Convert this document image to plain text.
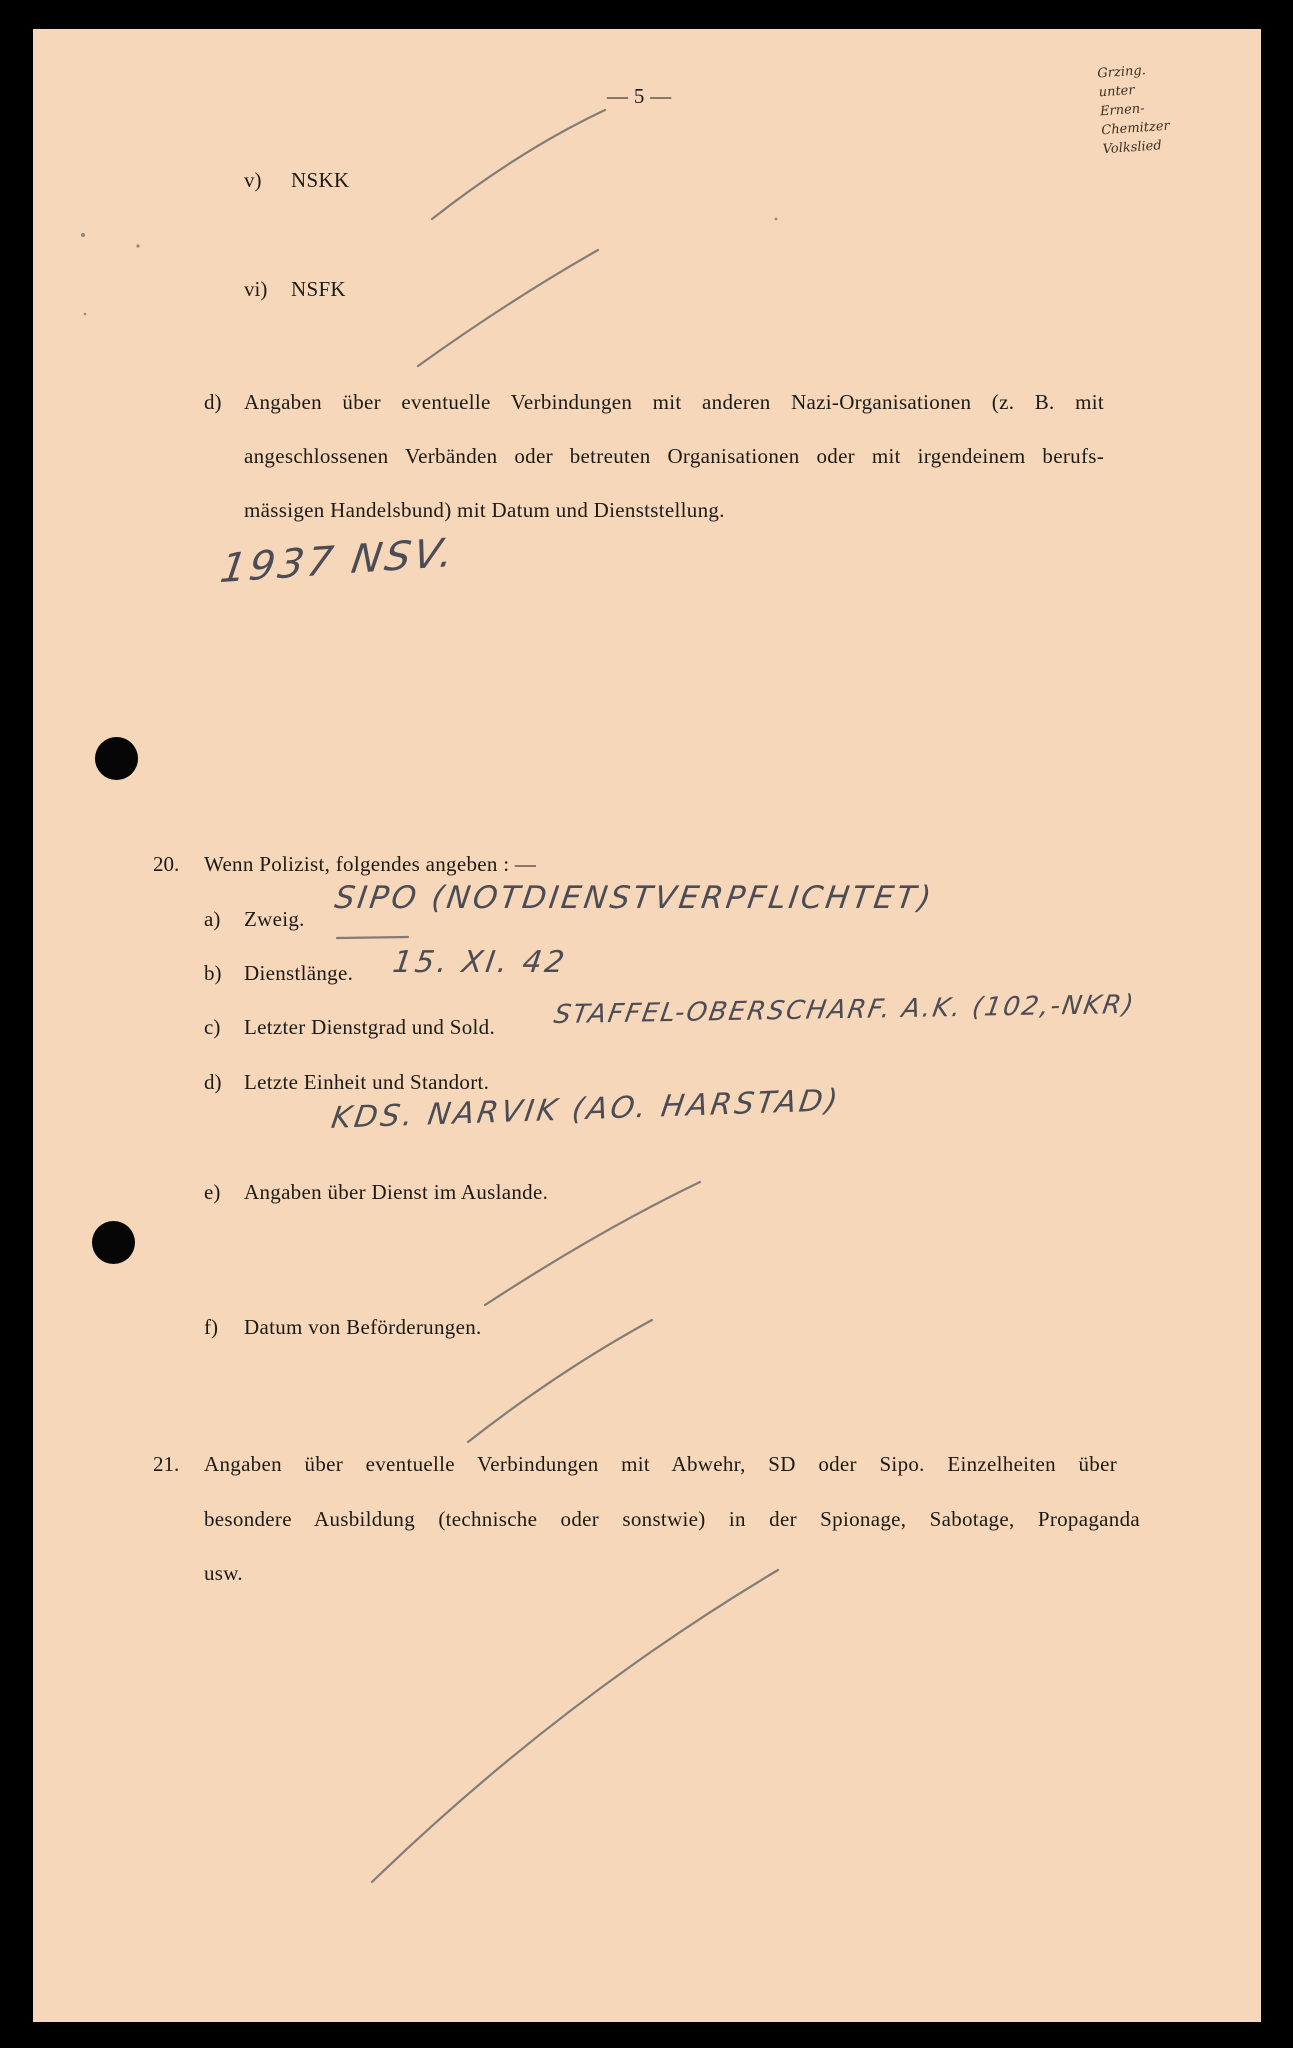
— 5 —
Grzing.
unter
Ernen-
Chemitzer
Volkslied
v) NSKK
vi) NSFK
d) Angaben über eventuelle Verbindungen mit anderen Nazi-Organisationen (z. B. mit
angeschlossenen Verbänden oder betreuten Organisationen oder mit irgendeinem berufs-
mässigen Handelsbund) mit Datum und Dienststellung.
1937 NSV.
20. Wenn Polizist, folgendes angeben : —
a) Zweig.
SIPO (NOTDIENSTVERPFLICHTET)
b) Dienstlänge. 15. XI. 42
c) Letzter Dienstgrad und Sold. STAFFEL-OBERSCHARF. A.K. (102,-NKR)
d) Letzte Einheit und Standort.
KDS. NARVIK (AO. HARSTAD)
e) Angaben über Dienst im Auslande.
f) Datum von Beförderungen.
21. Angaben über eventuelle Verbindungen mit Abwehr, SD oder Sipo. Einzelheiten über
besondere Ausbildung (technische oder sonstwie) in der Spionage, Sabotage, Propaganda
usw.
